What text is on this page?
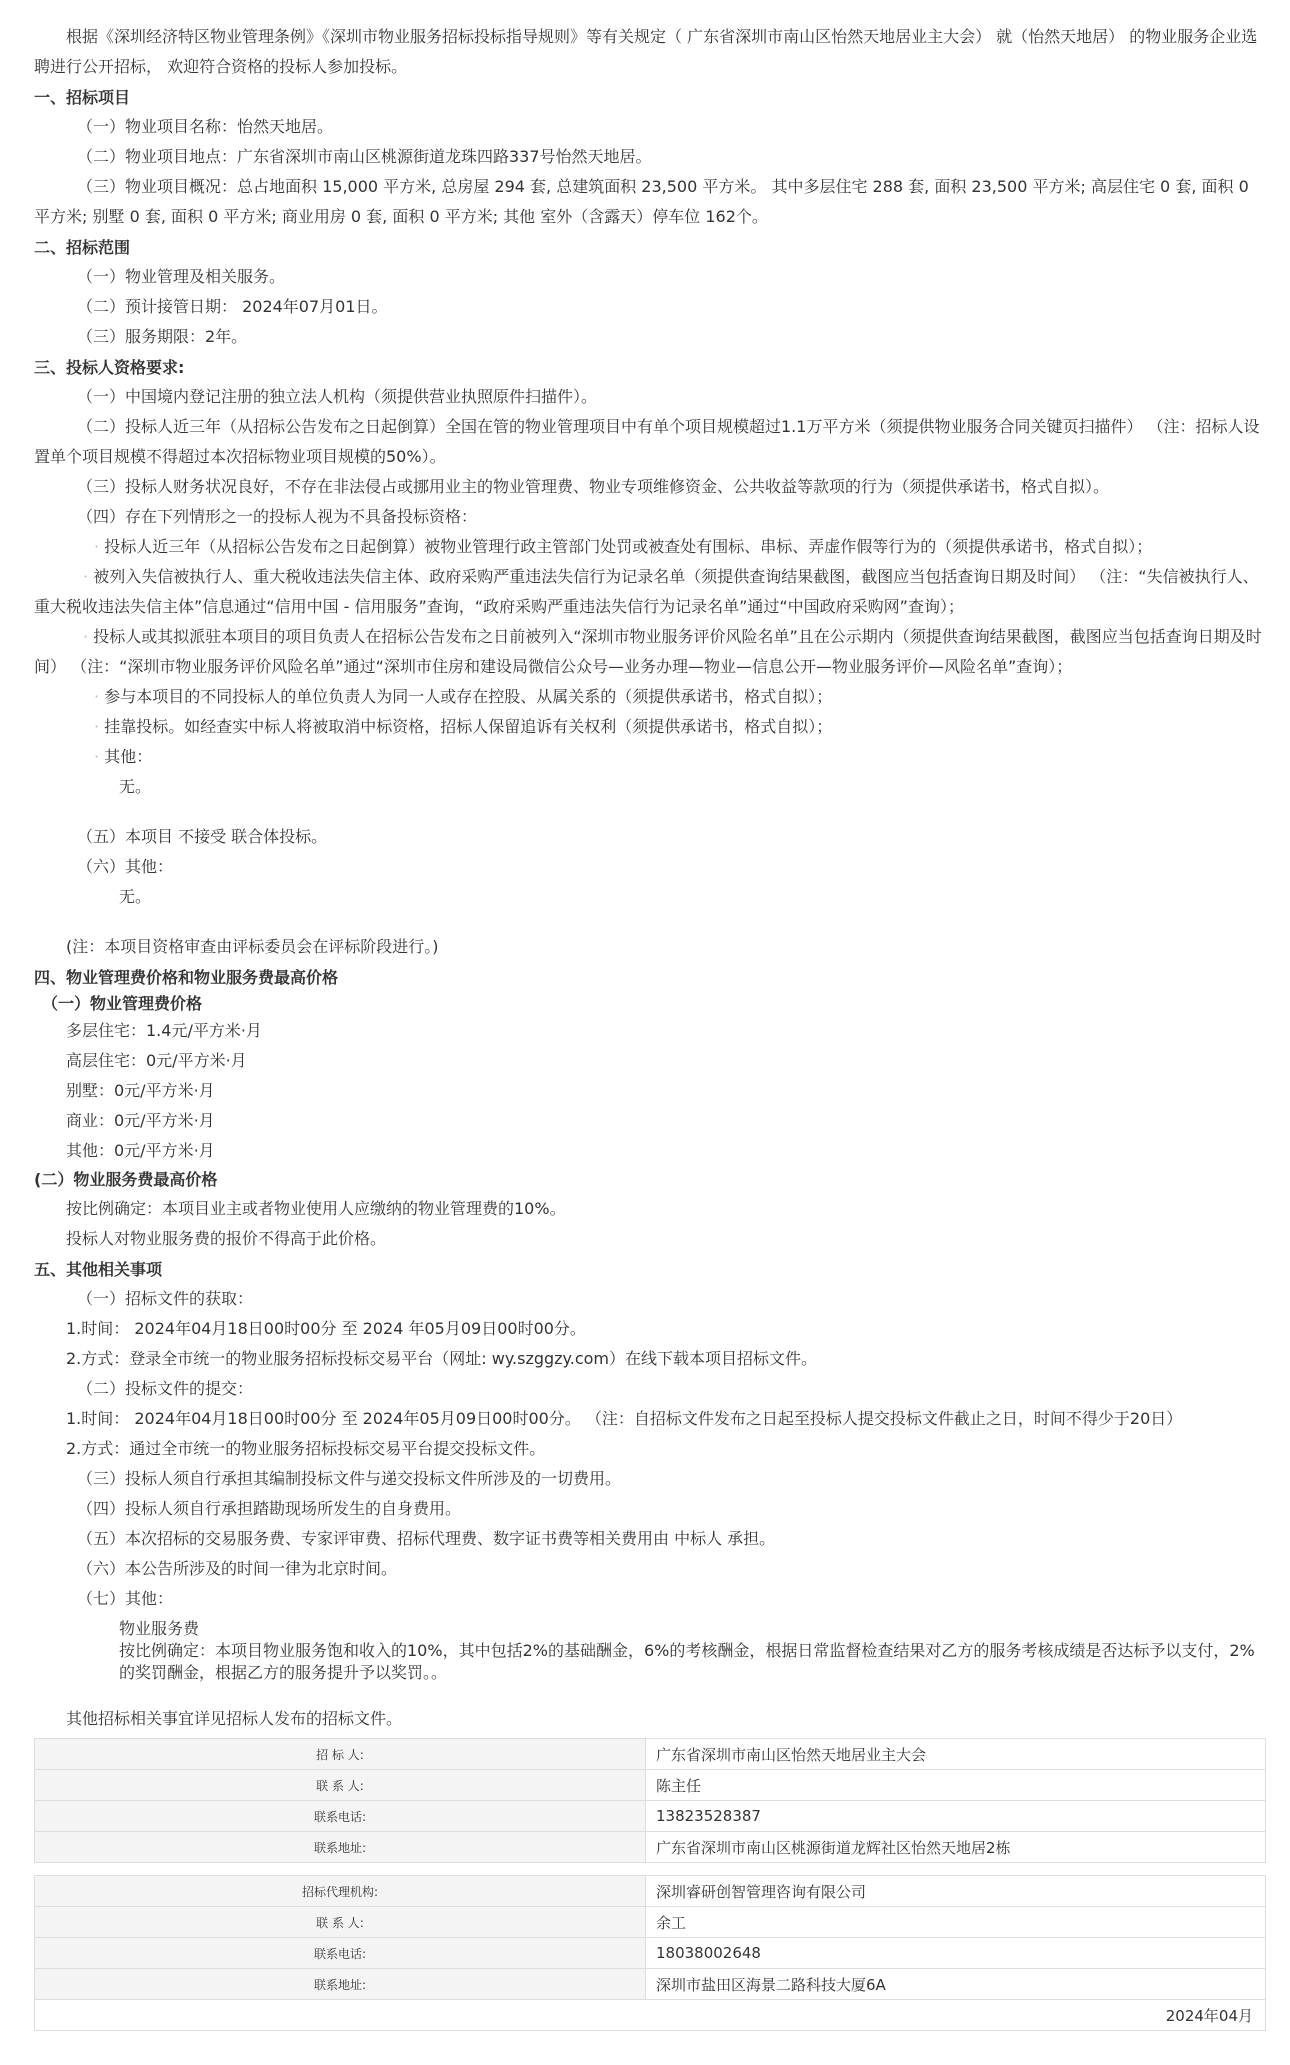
根据《深圳经济特区物业管理条例》《深圳市物业服务招标投标指导规则》等有关规定（ 广东省深圳市南山区怡然天地居业主大会） 就（怡然天地居） 的物业服务企业选聘进行公开招标， 欢迎符合资格的投标人参加投标。

一、招标项目

（一）物业项目名称：怡然天地居。

（二）物业项目地点：广东省深圳市南山区桃源街道龙珠四路337号怡然天地居。

（三）物业项目概况：总占地面积 15,000 平方米, 总房屋 294 套, 总建筑面积 23,500 平方米。 其中多层住宅 288 套, 面积 23,500 平方米; 高层住宅 0 套, 面积 0 平方米; 别墅 0 套, 面积 0 平方米; 商业用房 0 套, 面积 0 平方米; 其他 室外（含露天）停车位 162个。

二、招标范围

（一）物业管理及相关服务。

（二）预计接管日期： 2024年07月01日。

（三）服务期限：2年。

三、投标人资格要求:

（一）中国境内登记注册的独立法人机构（须提供营业执照原件扫描件）。

（二）投标人近三年（从招标公告发布之日起倒算）全国在管的物业管理项目中有单个项目规模超过1.1万平方米（须提供物业服务合同关键页扫描件） （注：招标人设置单个项目规模不得超过本次招标物业项目规模的50%）。

（三）投标人财务状况良好，不存在非法侵占或挪用业主的物业管理费、物业专项维修资金、公共收益等款项的行为（须提供承诺书，格式自拟）。

（四）存在下列情形之一的投标人视为不具备投标资格：

· 投标人近三年（从招标公告发布之日起倒算）被物业管理行政主管部门处罚或被查处有围标、串标、弄虚作假等行为的（须提供承诺书，格式自拟）；

· 被列入失信被执行人、重大税收违法失信主体、政府采购严重违法失信行为记录名单（须提供查询结果截图，截图应当包括查询日期及时间） （注：“失信被执行人、重大税收违法失信主体”信息通过“信用中国 - 信用服务”查询，“政府采购严重违法失信行为记录名单”通过“中国政府采购网”查询）；

· 投标人或其拟派驻本项目的项目负责人在招标公告发布之日前被列入“深圳市物业服务评价风险名单”且在公示期内（须提供查询结果截图，截图应当包括查询日期及时间） （注：“深圳市物业服务评价风险名单”通过“深圳市住房和建设局微信公众号—业务办理—物业—信息公开—物业服务评价—风险名单”查询）；

· 参与本项目的不同投标人的单位负责人为同一人或存在控股、从属关系的（须提供承诺书，格式自拟）；

· 挂靠投标。如经查实中标人将被取消中标资格，招标人保留追诉有关权利（须提供承诺书，格式自拟）；

· 其他：

无。

（五）本项目 不接受 联合体投标。

（六）其他：

无。

(注：本项目资格审查由评标委员会在评标阶段进行。)

四、物业管理费价格和物业服务费最高价格

（一）物业管理费价格

多层住宅：1.4元/平方米·月

高层住宅：0元/平方米·月

别墅：0元/平方米·月

商业：0元/平方米·月

其他：0元/平方米·月

(二）物业服务费最高价格

按比例确定：本项目业主或者物业使用人应缴纳的物业管理费的10%。

投标人对物业服务费的报价不得高于此价格。

五、其他相关事项

（一）招标文件的获取：

1.时间： 2024年04月18日00时00分 至 2024 年05月09日00时00分。

2.方式：登录全市统一的物业服务招标投标交易平台（网址: wy.szggzy.com）在线下载本项目招标文件。

（二）投标文件的提交：

1.时间： 2024年04月18日00时00分 至 2024年05月09日00时00分。 （注：自招标文件发布之日起至投标人提交投标文件截止之日，时间不得少于20日）

2.方式：通过全市统一的物业服务招标投标交易平台提交投标文件。

（三）投标人须自行承担其编制投标文件与递交投标文件所涉及的一切费用。

（四）投标人须自行承担踏勘现场所发生的自身费用。

（五）本次招标的交易服务费、专家评审费、招标代理费、数字证书费等相关费用由 中标人 承担。

（六）本公告所涉及的时间一律为北京时间。

（七）其他：

物业服务费

按比例确定：本项目物业服务饱和收入的10%，其中包括2%的基础酬金，6%的考核酬金，根据日常监督检查结果对乙方的服务考核成绩是否达标予以支付，2%的奖罚酬金，根据乙方的服务提升予以奖罚。。

其他招标相关事宜详见招标人发布的招标文件。

招 标 人:	广东省深圳市南山区怡然天地居业主大会
联 系 人:	陈主任
联系电话:	13823528387
联系地址:	广东省深圳市南山区桃源街道龙辉社区怡然天地居2栋
招标代理机构:	深圳睿研创智管理咨询有限公司
联 系 人:	余工
联系电话:	18038002648
联系地址:	深圳市盐田区海景二路科技大厦6A
2024年04月	
